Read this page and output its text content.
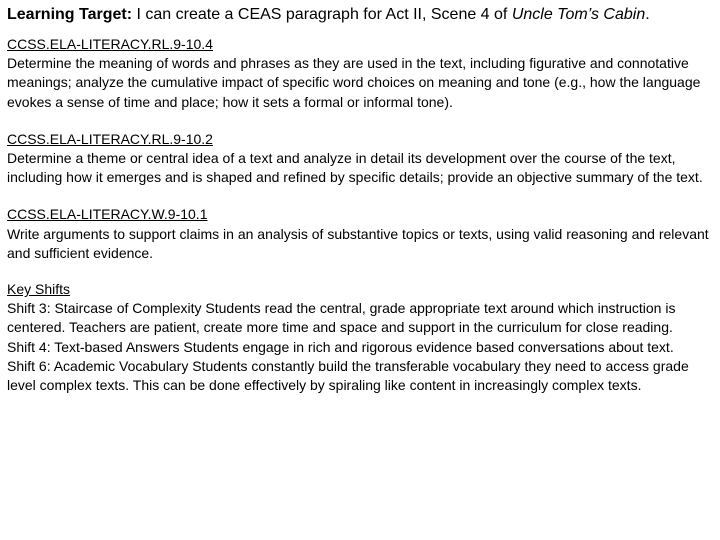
Learning Target: I can create a CEAS paragraph for Act II, Scene 4 of Uncle Tom’s Cabin.
CCSS.ELA-LITERACY.RL.9-10.4
Determine the meaning of words and phrases as they are used in the text, including figurative and connotative meanings; analyze the cumulative impact of specific word choices on meaning and tone (e.g., how the language evokes a sense of time and place; how it sets a formal or informal tone).
CCSS.ELA-LITERACY.RL.9-10.2
Determine a theme or central idea of a text and analyze in detail its development over the course of the text, including how it emerges and is shaped and refined by specific details; provide an objective summary of the text.
CCSS.ELA-LITERACY.W.9-10.1
Write arguments to support claims in an analysis of substantive topics or texts, using valid reasoning and relevant and sufficient evidence.
Key Shifts
Shift 3: Staircase of Complexity Students read the central, grade appropriate text around which instruction is centered. Teachers are patient, create more time and space and support in the curriculum for close reading.
Shift 4: Text-based Answers Students engage in rich and rigorous evidence based conversations about text.
Shift 6: Academic Vocabulary Students constantly build the transferable vocabulary they need to access grade level complex texts. This can be done effectively by spiraling like content in increasingly complex texts.
